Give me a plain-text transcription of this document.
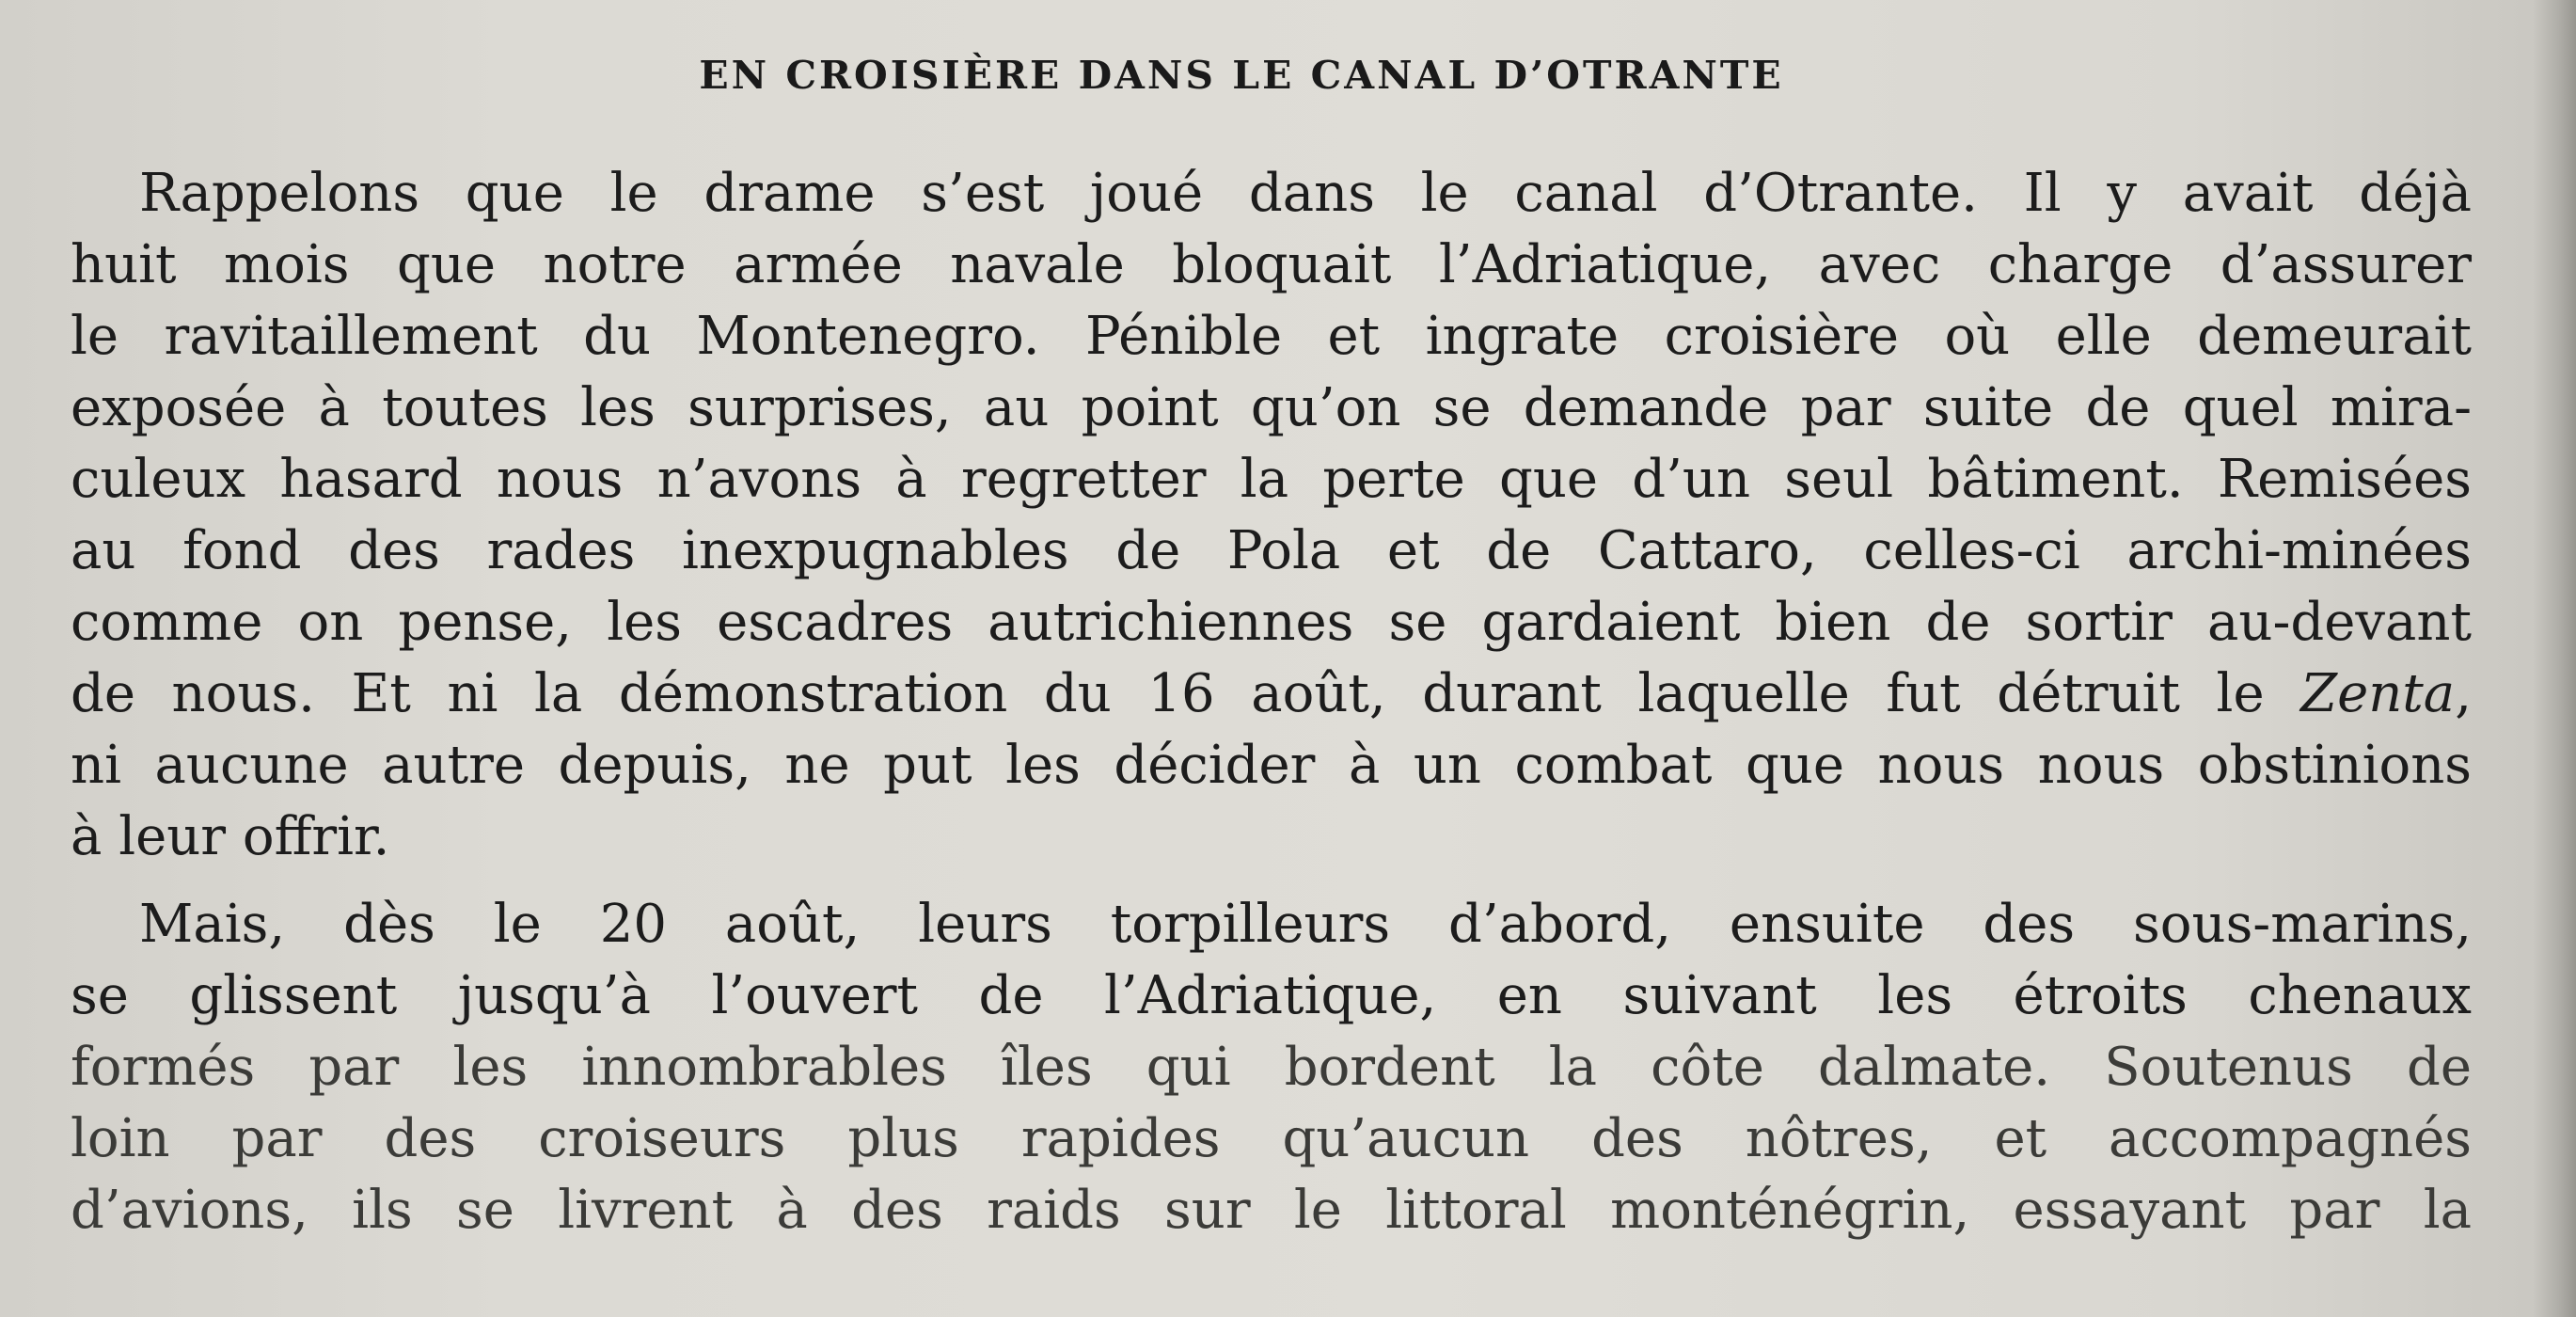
EN CROISIÈRE DANS LE CANAL D’OTRANTE
Rappelons que le drame s’est joué dans le canal d’Otrante. Il y avait déjà
huit mois que notre armée navale bloquait l’Adriatique, avec charge d’assurer
le ravitaillement du Montenegro. Pénible et ingrate croisière où elle demeurait
exposée à toutes les surprises, au point qu’on se demande par suite de quel mira-
culeux hasard nous n’avons à regretter la perte que d’un seul bâtiment. Remisées
au fond des rades inexpugnables de Pola et de Cattaro, celles-ci archi-minées
comme on pense, les escadres autrichiennes se gardaient bien de sortir au-devant
de nous. Et ni la démonstration du 16 août, durant laquelle fut détruit le Zenta,
ni aucune autre depuis, ne put les décider à un combat que nous nous obstinions
à leur offrir.
Mais, dès le 20 août, leurs torpilleurs d’abord, ensuite des sous-marins,
se glissent jusqu’à l’ouvert de l’Adriatique, en suivant les étroits chenaux
formés par les innombrables îles qui bordent la côte dalmate. Soutenus de
loin par des croiseurs plus rapides qu’aucun des nôtres, et accompagnés
d’avions, ils se livrent à des raids sur le littoral monténégrin, essayant par la
